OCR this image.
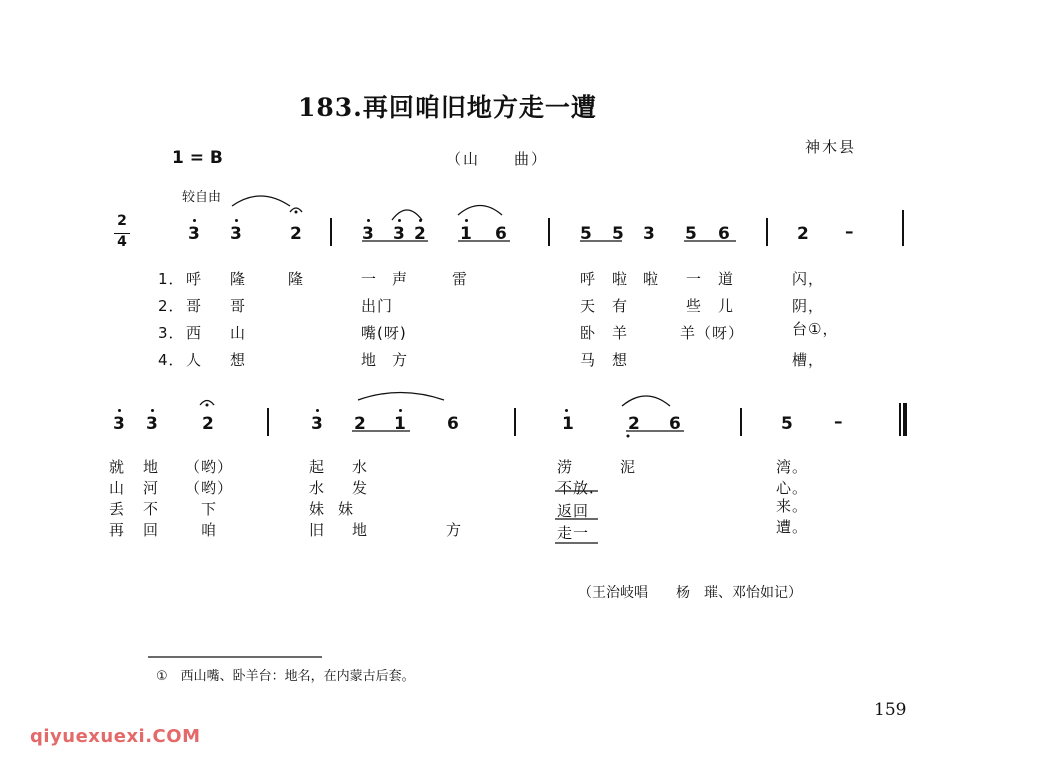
183.再回咱旧地方走一遭
1 = B	（山　　曲）
神木县
较自由
2
4	3 3	2	3 3 2 1 6	5 5 3 5 6	2 –
1． 呼 隆	隆	一 声	雷	呼 啦 啦 一 道	闪，
2． 哥 哥	出门	天 有	些 儿	阴，
3． 西 山	嘴(呀)	卧 羊	羊（呀）	台①，
4． 人 想	地 方	马 想	槽，
3 3	2	3 2 1 6	1	2 6	5 –
就 地 （哟）	起 水	涝	泥	湾。
山 河 （哟）	水 发	不放．	心。
丢 不	下	妹 妹	返回	来。
再 回	咱	旧 地	方	走一	遭。
（王治岐唱　　杨　璀、邓怡如记）
①　西山嘴、卧羊台：地名，在内蒙古后套。
159
qiyuexuexi.COM
